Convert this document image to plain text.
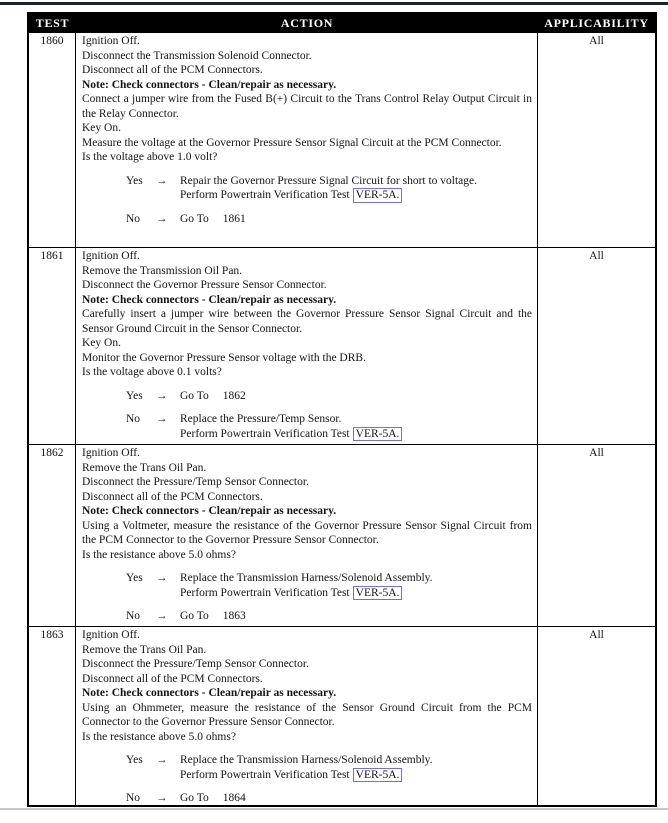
TEST	ACTION	APPLICABILITY
1860	Ignition Off.

Disconnect the Transmission Solenoid Connector.

Disconnect all of the PCM Connectors.

Note: Check connectors - Clean/repair as necessary.

Connect a jumper wire from the Fused B(+) Circuit to the Trans Control Relay Output Circuit in the Relay Connector.

Key On.

Measure the voltage at the Governor Pressure Sensor Signal Circuit at the PCM Connector.

Is the voltage above 1.0 volt?

Yes	→	Repair the Governor Pressure Signal Circuit for short to voltage.
Perform Powertrain Verification Test VER-5A.
No	→	Go To 1861
All
1861	Ignition Off.

Remove the Transmission Oil Pan.

Disconnect the Governor Pressure Sensor Connector.

Note: Check connectors - Clean/repair as necessary.

Carefully insert a jumper wire between the Governor Pressure Sensor Signal Circuit and the Sensor Ground Circuit in the Sensor Connector.

Key On.

Monitor the Governor Pressure Sensor voltage with the DRB.

Is the voltage above 0.1 volts?

Yes	→	Go To 1862
No	→	Replace the Pressure/Temp Sensor.
Perform Powertrain Verification Test VER-5A.
All
1862	Ignition Off.

Remove the Trans Oil Pan.

Disconnect the Pressure/Temp Sensor Connector.

Disconnect all of the PCM Connectors.

Note: Check connectors - Clean/repair as necessary.

Using a Voltmeter, measure the resistance of the Governor Pressure Sensor Signal Circuit from the PCM Connector to the Governor Pressure Sensor Connector.

Is the resistance above 5.0 ohms?

Yes	→	Replace the Transmission Harness/Solenoid Assembly.
Perform Powertrain Verification Test VER-5A.
No	→	Go To 1863
All
1863	Ignition Off.

Remove the Trans Oil Pan.

Disconnect the Pressure/Temp Sensor Connector.

Disconnect all of the PCM Connectors.

Note: Check connectors - Clean/repair as necessary.

Using an Ohmmeter, measure the resistance of the Sensor Ground Circuit from the PCM Connector to the Governor Pressure Sensor Connector.

Is the resistance above 5.0 ohms?

Yes	→	Replace the Transmission Harness/Solenoid Assembly.
Perform Powertrain Verification Test VER-5A.
No	→	Go To 1864
All
